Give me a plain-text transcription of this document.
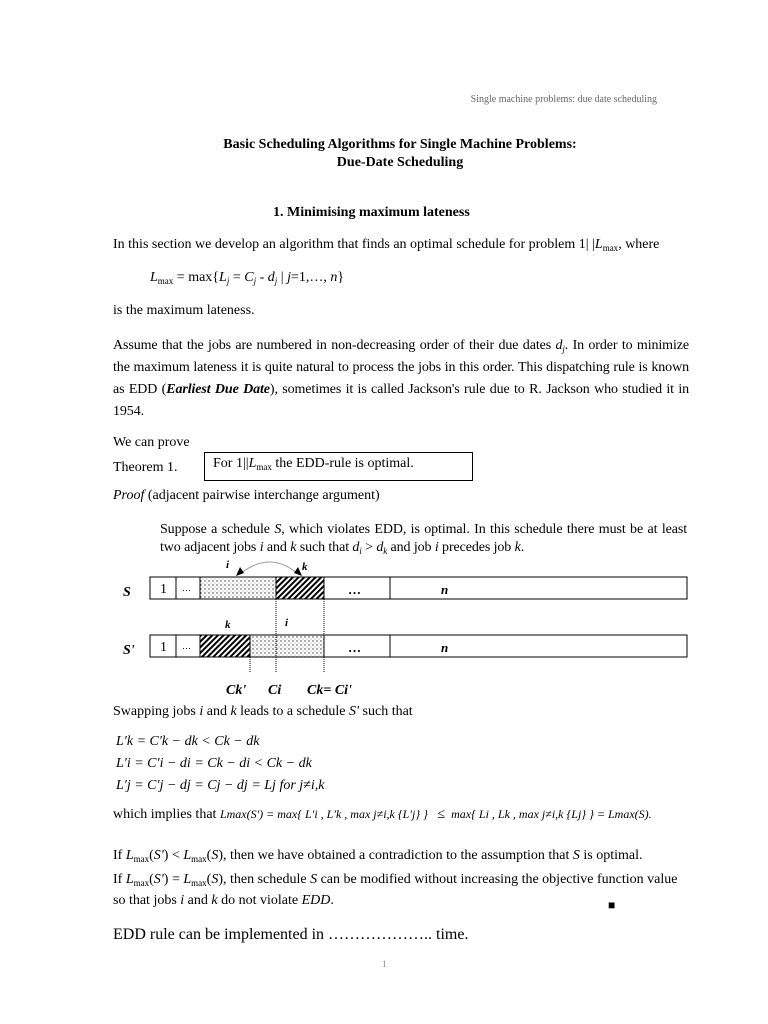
Single machine problems: due date scheduling
Basic Scheduling Algorithms for Single Machine Problems:
Due-Date Scheduling
1. Minimising maximum lateness
In this section we develop an algorithm that finds an optimal schedule for problem 1| $|L_{max}$, where
$L_{max} = \max\{L_j = C_j - d_j$ | j=1,…, n}
is the maximum lateness.
Assume that the jobs are numbered in non-decreasing order of their due dates $d_j$. In order to minimize the maximum lateness it is quite natural to process the jobs in this order. This dispatching rule is known as EDD (Earliest Due Date), sometimes it is called Jackson's rule due to R. Jackson who studied it in 1954.
We can prove
Theorem 1.	For $1||L_{max}$ the EDD-rule is optimal.
Proof (adjacent pairwise interchange argument)
Suppose a schedule S, which violates EDD, is optimal. In this schedule there must be at least two adjacent jobs i and k such that $d_i > d_k$ and job i precedes job k.
S 1 …	…	n
i	k
S' 1 …	…	n
k	i
Ck' Ci Ck= Ci'
Swapping jobs i and k leads to a schedule S' such that
L′k = C′k − dk < Ck − dk
L′i = C′i − di = Ck − di < Ck − dk
L′j = C′j − dj = Cj − dj = Lj for j≠i,k
which implies that Lmax(S') = max{ L′i , L′k , max j≠i,k {L′j} } ≤ max{ Li , Lk , max j≠i,k {Lj} } = Lmax(S).
If $L_{max}(S') < L_{max}(S)$, then we have obtained a contradiction to the assumption that S is optimal.
If $L_{max}(S') = L_{max}(S)$, then schedule S can be modified without increasing the objective function value
so that jobs i and k do not violate EDD.	■
EDD rule can be implemented in ……………….. time.
1
